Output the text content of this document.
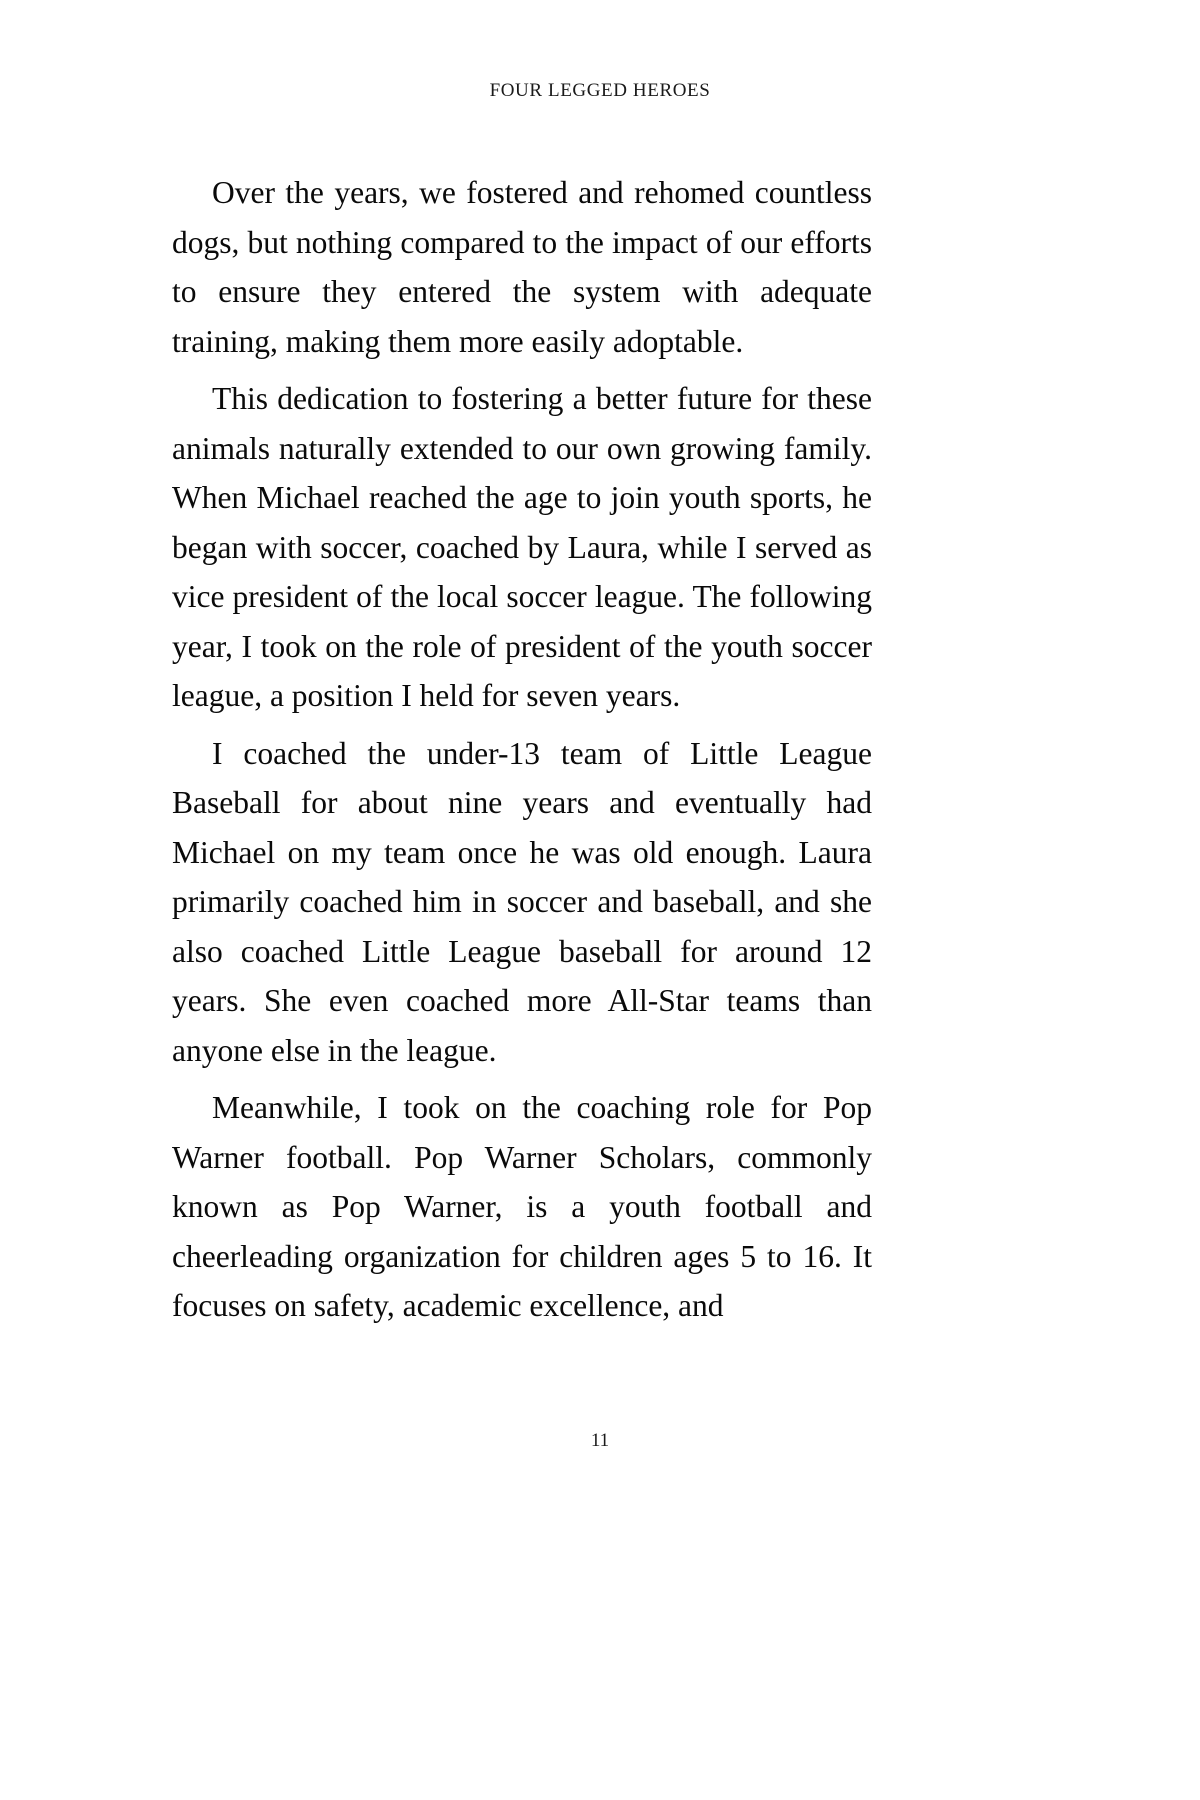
FOUR LEGGED HEROES

Over the years, we fostered and rehomed countless dogs, but nothing compared to the impact of our efforts to ensure they entered the system with adequate training, making them more easily adoptable.

This dedication to fostering a better future for these animals naturally extended to our own growing family. When Michael reached the age to join youth sports, he began with soccer, coached by Laura, while I served as vice president of the local soccer league. The following year, I took on the role of president of the youth soccer league, a position I held for seven years.

I coached the under-13 team of Little League Baseball for about nine years and eventually had Michael on my team once he was old enough. Laura primarily coached him in soccer and baseball, and she also coached Little League baseball for around 12 years. She even coached more All-Star teams than anyone else in the league.

Meanwhile, I took on the coaching role for Pop Warner football. Pop Warner Scholars, commonly known as Pop Warner, is a youth football and cheerleading organization for children ages 5 to 16. It focuses on safety, academic excellence, and

11
